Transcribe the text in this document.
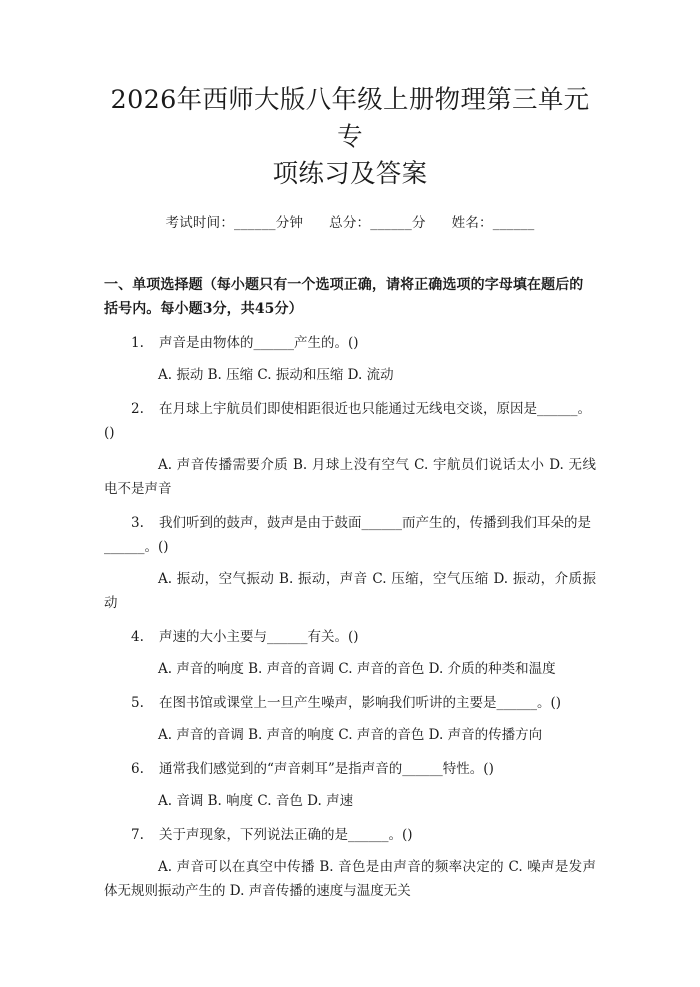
2026年西师大版八年级上册物理第三单元专
项练习及答案
考试时间：______分钟 总分：______分 姓名：______
一、单项选择题（每小题只有一个选项正确，请将正确选项的字母填在题后的括号内。每小题3分，共45分）
1. 声音是由物体的______产生的。()
A. 振动 B. 压缩 C. 振动和压缩 D. 流动
2. 在月球上宇航员们即使相距很近也只能通过无线电交谈，原因是______。()
A. 声音传播需要介质 B. 月球上没有空气 C. 宇航员们说话太小 D. 无线电不是声音
3. 我们听到的鼓声，鼓声是由于鼓面______而产生的，传播到我们耳朵的是______。()
A. 振动，空气振动 B. 振动，声音 C. 压缩，空气压缩 D. 振动，介质振动
4. 声速的大小主要与______有关。()
A. 声音的响度 B. 声音的音调 C. 声音的音色 D. 介质的种类和温度
5. 在图书馆或课堂上一旦产生噪声，影响我们听讲的主要是______。()
A. 声音的音调 B. 声音的响度 C. 声音的音色 D. 声音的传播方向
6. 通常我们感觉到的“声音刺耳”是指声音的______特性。()
A. 音调 B. 响度 C. 音色 D. 声速
7. 关于声现象，下列说法正确的是______。()
A. 声音可以在真空中传播 B. 音色是由声音的频率决定的 C. 噪声是发声体无规则振动产生的 D. 声音传播的速度与温度无关
